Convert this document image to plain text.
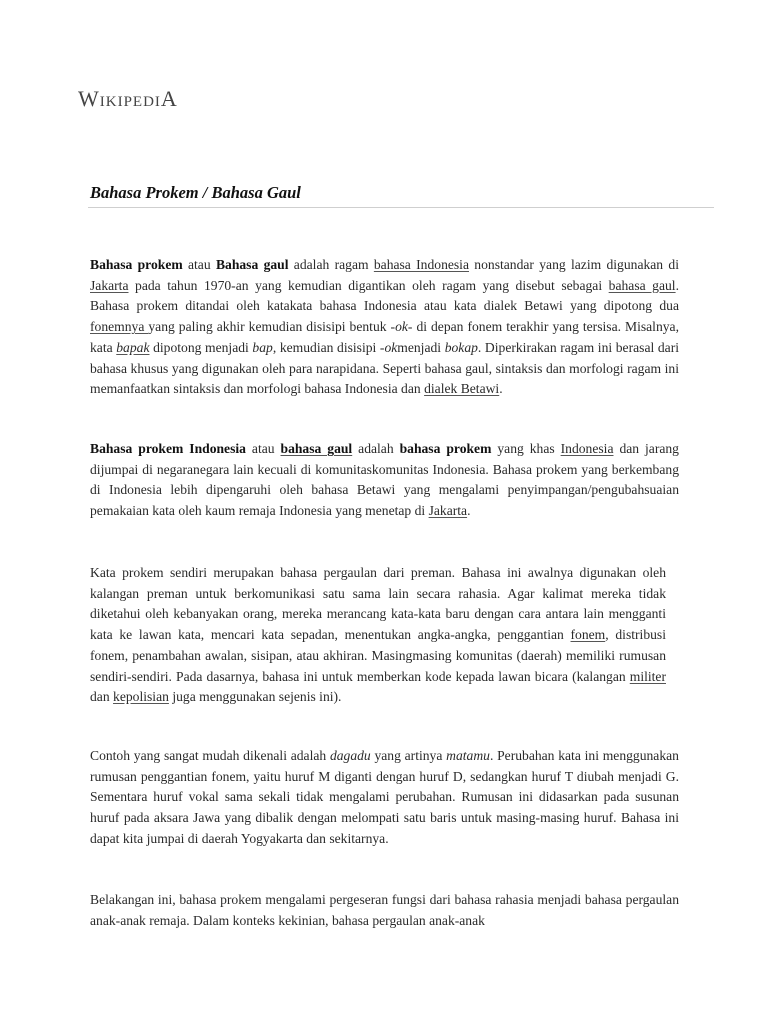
WikipediA
Bahasa Prokem / Bahasa Gaul
Bahasa prokem atau Bahasa gaul adalah ragam bahasa Indonesia nonstandar yang lazim digunakan di Jakarta pada tahun 1970-an yang kemudian digantikan oleh ragam yang disebut sebagai bahasa gaul. Bahasa prokem ditandai oleh katakata bahasa Indonesia atau kata dialek Betawi yang dipotong dua fonemnya yang paling akhir kemudian disisipi bentuk -ok- di depan fonem terakhir yang tersisa. Misalnya, kata bapak dipotong menjadi bap, kemudian disisipi -okmenjadi bokap. Diperkirakan ragam ini berasal dari bahasa khusus yang digunakan oleh para narapidana. Seperti bahasa gaul, sintaksis dan morfologi ragam ini memanfaatkan sintaksis dan morfologi bahasa Indonesia dan dialek Betawi.
Bahasa prokem Indonesia atau bahasa gaul adalah bahasa prokem yang khas Indonesia dan jarang dijumpai di negaranegara lain kecuali di komunitaskomunitas Indonesia. Bahasa prokem yang berkembang di Indonesia lebih dipengaruhi oleh bahasa Betawi yang mengalami penyimpangan/pengubahsuaian pemakaian kata oleh kaum remaja Indonesia yang menetap di Jakarta.
Kata prokem sendiri merupakan bahasa pergaulan dari preman. Bahasa ini awalnya digunakan oleh kalangan preman untuk berkomunikasi satu sama lain secara rahasia. Agar kalimat mereka tidak diketahui oleh kebanyakan orang, mereka merancang kata-kata baru dengan cara antara lain mengganti kata ke lawan kata, mencari kata sepadan, menentukan angka-angka, penggantian fonem, distribusi fonem, penambahan awalan, sisipan, atau akhiran. Masingmasing komunitas (daerah) memiliki rumusan sendiri-sendiri. Pada dasarnya, bahasa ini untuk memberkan kode kepada lawan bicara (kalangan militer dan kepolisian juga menggunakan sejenis ini).
Contoh yang sangat mudah dikenali adalah dagadu yang artinya matamu. Perubahan kata ini menggunakan rumusan penggantian fonem, yaitu huruf M diganti dengan huruf D, sedangkan huruf T diubah menjadi G. Sementara huruf vokal sama sekali tidak mengalami perubahan. Rumusan ini didasarkan pada susunan huruf pada aksara Jawa yang dibalik dengan melompati satu baris untuk masing-masing huruf. Bahasa ini dapat kita jumpai di daerah Yogyakarta dan sekitarnya.
Belakangan ini, bahasa prokem mengalami pergeseran fungsi dari bahasa rahasia menjadi bahasa pergaulan anak-anak remaja. Dalam konteks kekinian, bahasa pergaulan anak-anak
